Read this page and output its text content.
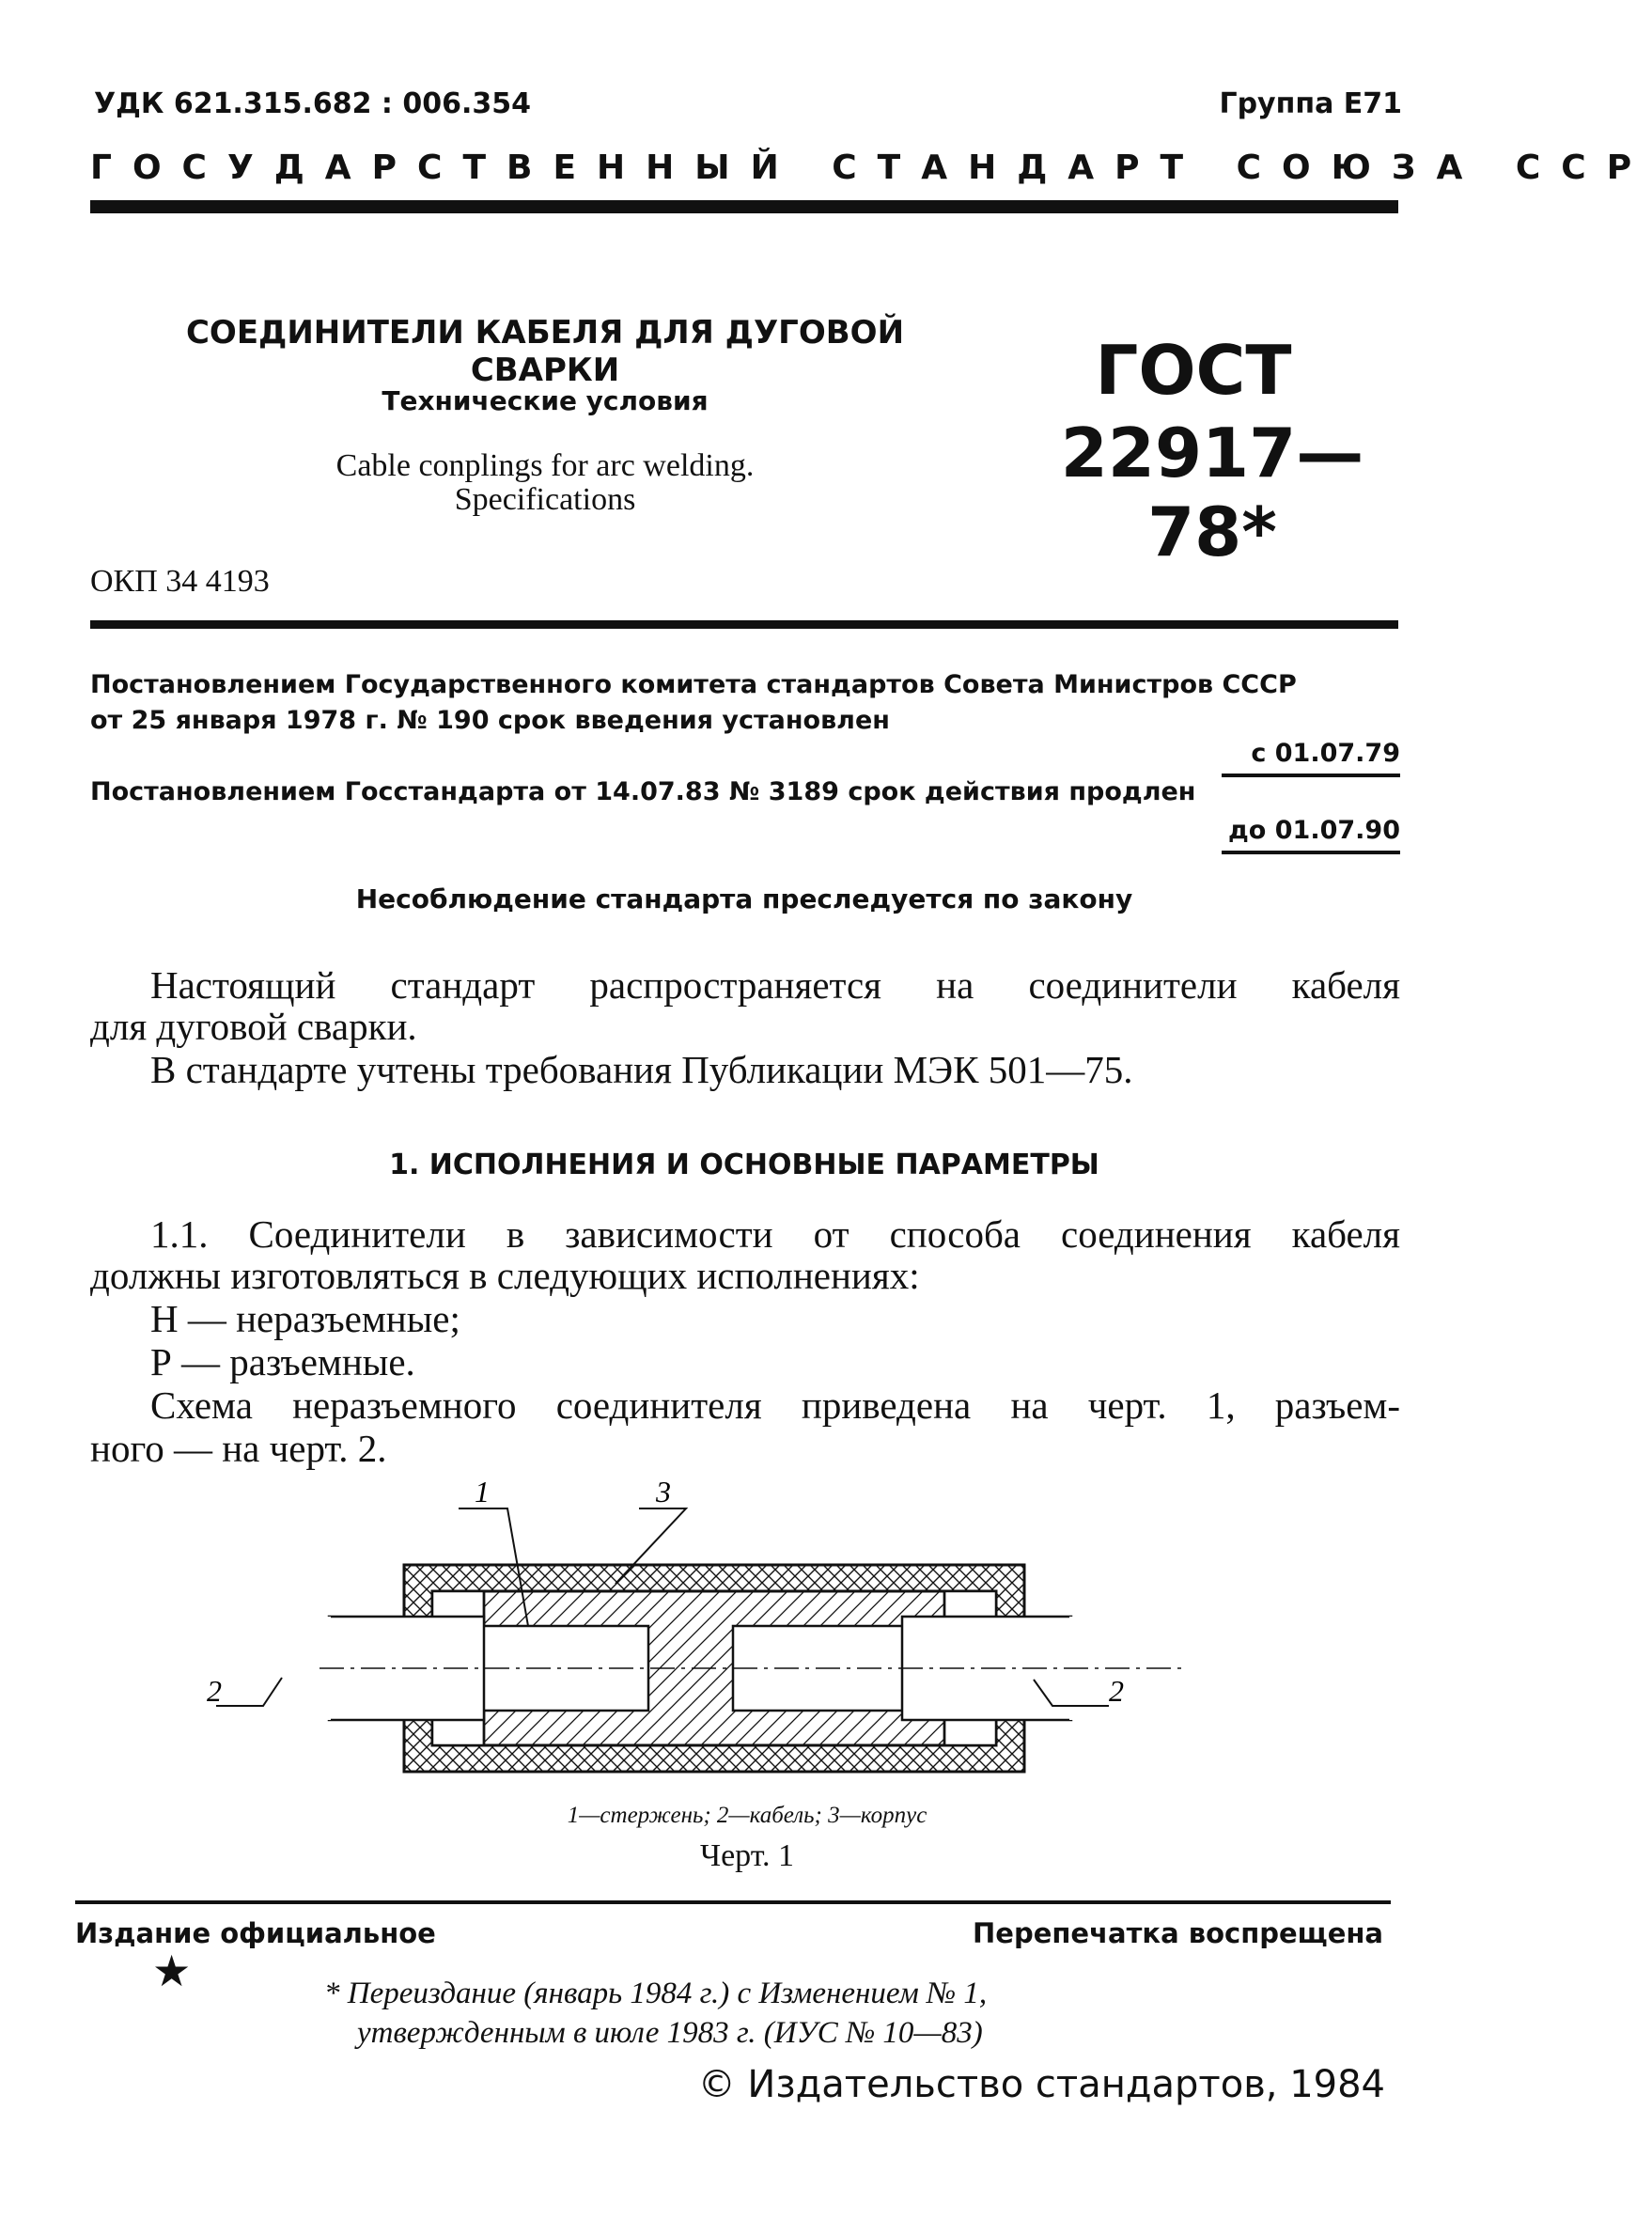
УДК 621.315.682 : 006.354	Группа Е71
ГОСУДАРСТВЕННЫЙ СТАНДАРТ СОЮЗА ССР
СОЕДИНИТЕЛИ КАБЕЛЯ ДЛЯ ДУГОВОЙ СВАРКИ
Технические условия
Cable conplings for arc welding.
Specifications
ГОСТ
22917—78*
ОКП 34 4193
Постановлением Государственного комитета стандартов Совета Министров СССР
от 25 января 1978 г. № 190 срок введения установлен
с 01.07.79
Постановлением Госстандарта от 14.07.83 № 3189 срок действия продлен
до 01.07.90
Несоблюдение стандарта преследуется по закону
Настоящий стандарт распространяется на соединители кабеля
для дуговой сварки.
В стандарте учтены требования Публикации МЭК 501—75.
1. ИСПОЛНЕНИЯ И ОСНОВНЫЕ ПАРАМЕТРЫ
1.1. Соединители в зависимости от способа соединения кабеля
должны изготовляться в следующих исполнениях:
Н — неразъемные;
Р — разъемные.
Схема неразъемного соединителя приведена на черт. 1, разъем-
ного — на черт. 2.
1	3
2	2
1—стержень; 2—кабель; 3—корпус
Черт. 1
Издание официальное	Перепечатка воспрещена
★	* Переиздание (январь 1984 г.) с Изменением № 1,
утвержденным в июле 1983 г. (ИУС № 10—83)
© Издательство стандартов, 1984
